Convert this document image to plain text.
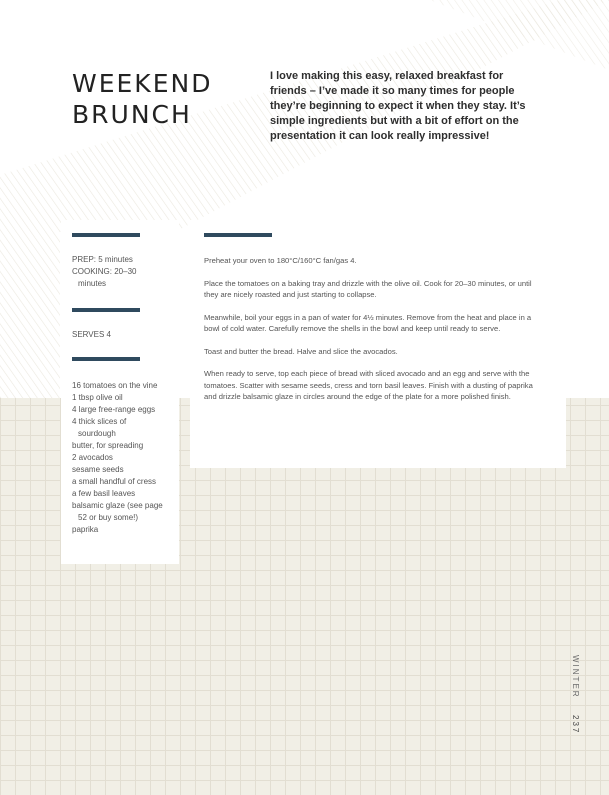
WEEKEND
BRUNCH

I love making this easy, relaxed breakfast for friends – I’ve made it so many times for people they’re beginning to expect it when they stay. It’s simple ingredients but with a bit of effort on the presentation it can look really impressive!

PREP: 5 minutes
COOKING: 20–30
minutes
SERVES 4
16 tomatoes on the vine
1 tbsp olive oil
4 large free-range eggs
4 thick slices of
sourdough
butter, for spreading
2 avocados
sesame seeds
a small handful of cress
a few basil leaves
balsamic glaze (see page
52 or buy some!)
paprika

Preheat your oven to 180°C/160°C fan/gas 4.

Place the tomatoes on a baking tray and drizzle with the olive oil. Cook for 20–30 minutes, or until they are nicely roasted and just starting to collapse.

Meanwhile, boil your eggs in a pan of water for 4½ minutes. Remove from the heat and place in a bowl of cold water. Carefully remove the shells in the bowl and keep until ready to serve.

Toast and butter the bread. Halve and slice the avocados.

When ready to serve, top each piece of bread with sliced avocado and an egg and serve with the tomatoes. Scatter with sesame seeds, cress and torn basil leaves. Finish with a dusting of paprika and drizzle balsamic glaze in circles around the edge of the plate for a more polished finish.

WINTER 237
